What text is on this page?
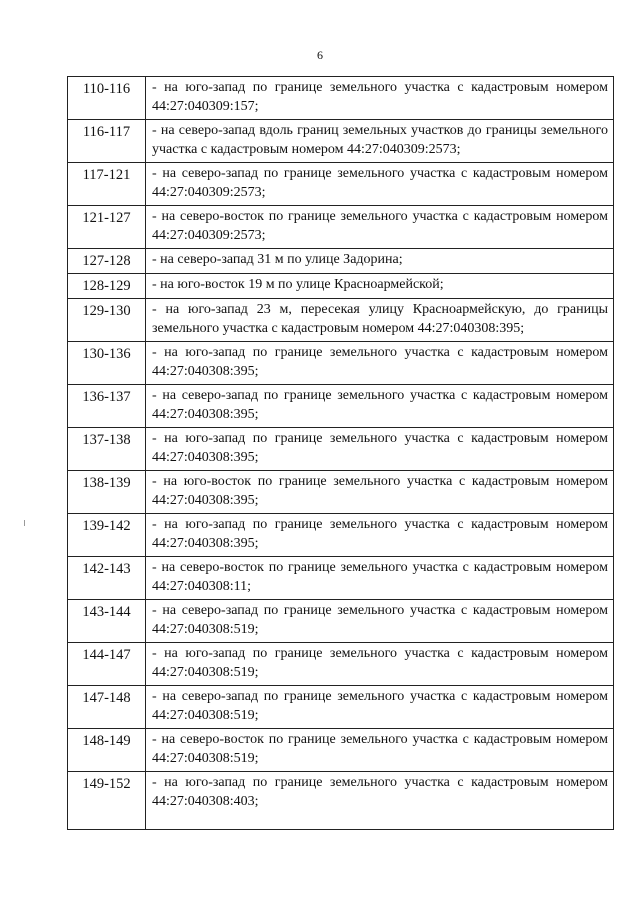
6
110-116	- на юго-запад по границе земельного участка с кадастровым номером 44:27:040309:157;
116-117	- на северо-запад вдоль границ земельных участков до границы земельного участка с кадастровым номером 44:27:040309:2573;
117-121	- на северо-запад по границе земельного участка с кадастровым номером 44:27:040309:2573;
121-127	- на северо-восток по границе земельного участка с кадастровым номером 44:27:040309:2573;
127-128	- на северо-запад 31 м по улице Задорина;
128-129	- на юго-восток 19 м по улице Красноармейской;
129-130	- на юго-запад 23 м, пересекая улицу Красноармейскую, до границы земельного участка с кадастровым номером 44:27:040308:395;
130-136	- на юго-запад по границе земельного участка с кадастровым номером 44:27:040308:395;
136-137	- на северо-запад по границе земельного участка с кадастровым номером 44:27:040308:395;
137-138	- на юго-запад по границе земельного участка с кадастровым номером 44:27:040308:395;
138-139	- на юго-восток по границе земельного участка с кадастровым номером 44:27:040308:395;
139-142	- на юго-запад по границе земельного участка с кадастровым номером 44:27:040308:395;
142-143	- на северо-восток по границе земельного участка с кадастровым номером 44:27:040308:11;
143-144	- на северо-запад по границе земельного участка с кадастровым номером 44:27:040308:519;
144-147	- на юго-запад по границе земельного участка с кадастровым номером 44:27:040308:519;
147-148	- на северо-запад по границе земельного участка с кадастровым номером 44:27:040308:519;
148-149	- на северо-восток по границе земельного участка с кадастровым номером 44:27:040308:519;
149-152	- на юго-запад по границе земельного участка с кадастровым номером 44:27:040308:403;
